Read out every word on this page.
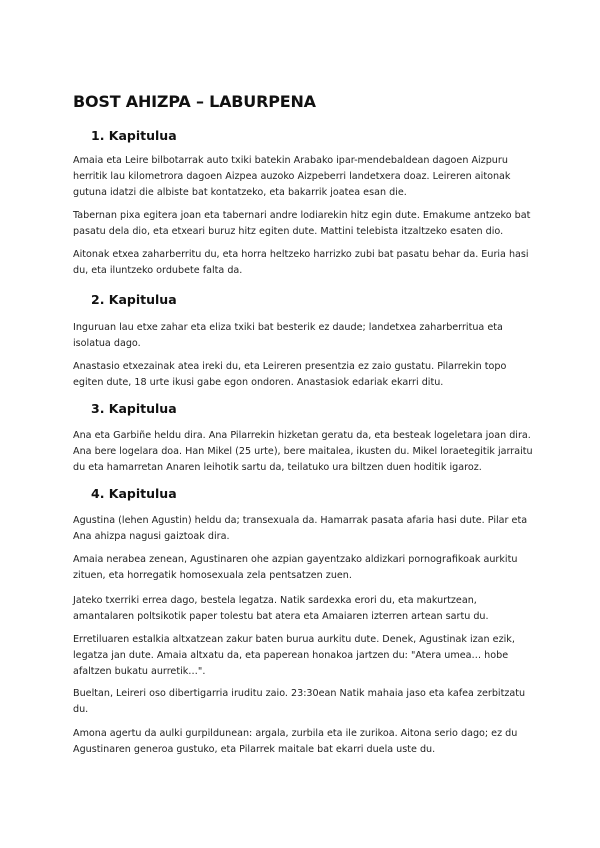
BOST AHIZPA – LABURPENA
1. Kapitulua

Amaia eta Leire bilbotarrak auto txiki batekin Arabako ipar-mendebaldean dagoen Aizpuru herritik lau kilometrora dagoen Aizpea auzoko Aizpeberri landetxera doaz. Leireren aitonak gutuna idatzi die albiste bat kontatzeko, eta bakarrik joatea esan die.

Tabernan pixa egitera joan eta tabernari andre lodiarekin hitz egin dute. Emakume antzeko bat pasatu dela dio, eta etxeari buruz hitz egiten dute. Mattini telebista itzaltzeko esaten dio.

Aitonak etxea zaharberritu du, eta horra heltzeko harrizko zubi bat pasatu behar da. Euria hasi du, eta iluntzeko ordubete falta da.

2. Kapitulua

Inguruan lau etxe zahar eta eliza txiki bat besterik ez daude; landetxea zaharberritua eta isolatua dago.

Anastasio etxezainak atea ireki du, eta Leireren presentzia ez zaio gustatu. Pilarrekin topo egiten dute, 18 urte ikusi gabe egon ondoren. Anastasiok edariak ekarri ditu.

3. Kapitulua

Ana eta Garbiñe heldu dira. Ana Pilarrekin hizketan geratu da, eta besteak logeletara joan dira. Ana bere logelara doa. Han Mikel (25 urte), bere maitalea, ikusten du. Mikel loraetegitik jarraitu du eta hamarretan Anaren leihotik sartu da, teilatuko ura biltzen duen hoditik igaroz.

4. Kapitulua

Agustina (lehen Agustin) heldu da; transexuala da. Hamarrak pasata afaria hasi dute. Pilar eta Ana ahizpa nagusi gaiztoak dira.

Amaia nerabea zenean, Agustinaren ohe azpian gayentzako aldizkari pornografikoak aurkitu zituen, eta horregatik homosexuala zela pentsatzen zuen.

Jateko txerriki errea dago, bestela legatza. Natik sardexka erori du, eta makurtzean, amantalaren poltsikotik paper tolestu bat atera eta Amaiaren izterren artean sartu du.

Erretiluaren estalkia altxatzean zakur baten burua aurkitu dute. Denek, Agustinak izan ezik, legatza jan dute. Amaia altxatu da, eta paperean honakoa jartzen du: "Atera umea… hobe afaltzen bukatu aurretik…".

Bueltan, Leireri oso dibertigarria iruditu zaio. 23:30ean Natik mahaia jaso eta kafea zerbitzatu du.

Amona agertu da aulki gurpildunean: argala, zurbila eta ile zurikoa. Aitona serio dago; ez du Agustinaren generoa gustuko, eta Pilarrek maitale bat ekarri duela uste du.
